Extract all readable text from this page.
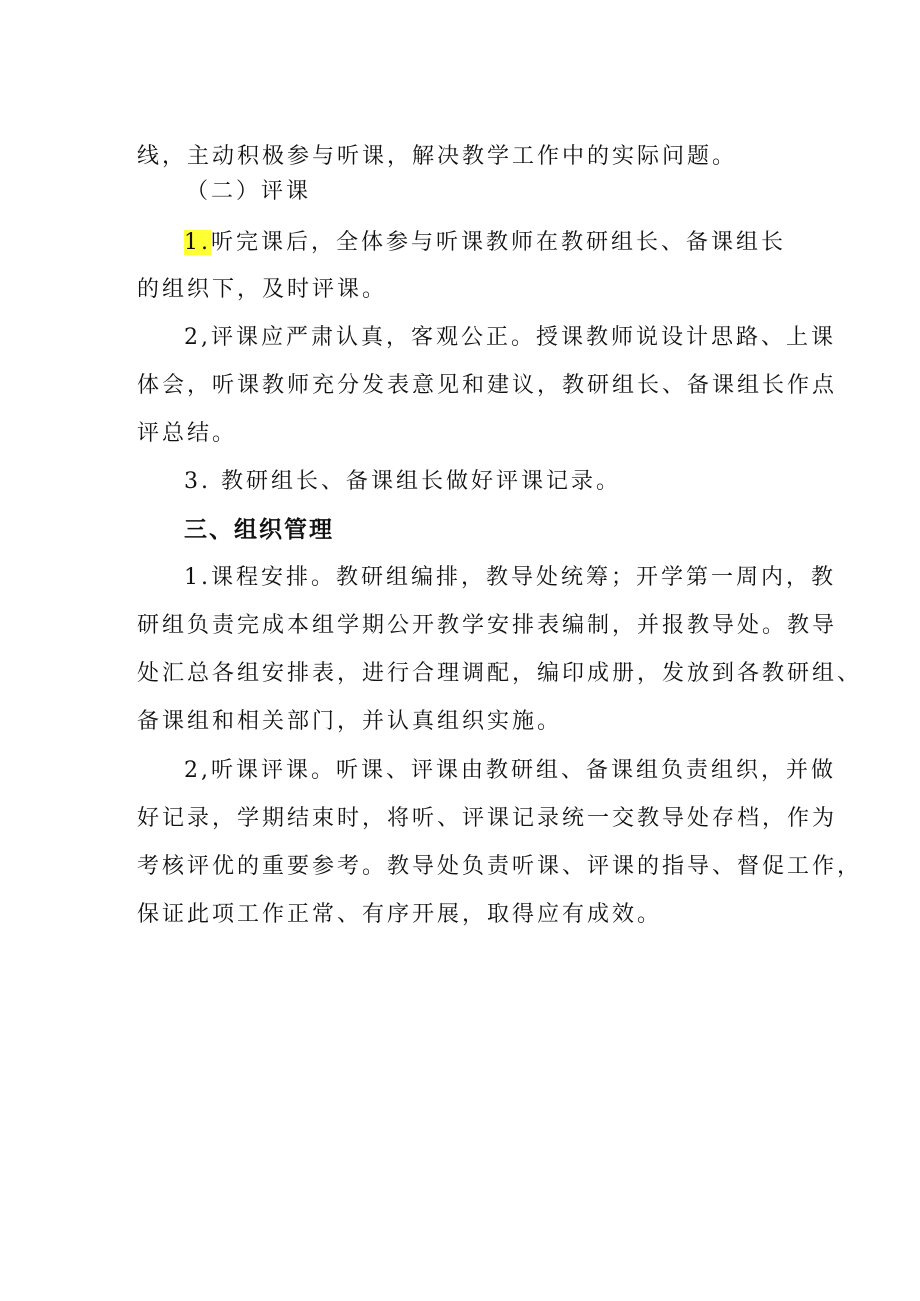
线，主动积极参与听课，解决教学工作中的实际问题。
（二）评课
1.听完课后，全体参与听课教师在教研组长、备课组长
的组织下，及时评课。
2,评课应严肃认真，客观公正。授课教师说设计思路、上课
体会，听课教师充分发表意见和建议，教研组长、备课组长作点
评总结。
3. 教研组长、备课组长做好评课记录。
三、组织管理
1.课程安排。教研组编排，教导处统筹；开学第一周内，教
研组负责完成本组学期公开教学安排表编制，并报教导处。教导
处汇总各组安排表，进行合理调配，编印成册，发放到各教研组、
备课组和相关部门，并认真组织实施。
2,听课评课。听课、评课由教研组、备课组负责组织，并做
好记录，学期结束时，将听、评课记录统一交教导处存档，作为
考核评优的重要参考。教导处负责听课、评课的指导、督促工作，
保证此项工作正常、有序开展，取得应有成效。
